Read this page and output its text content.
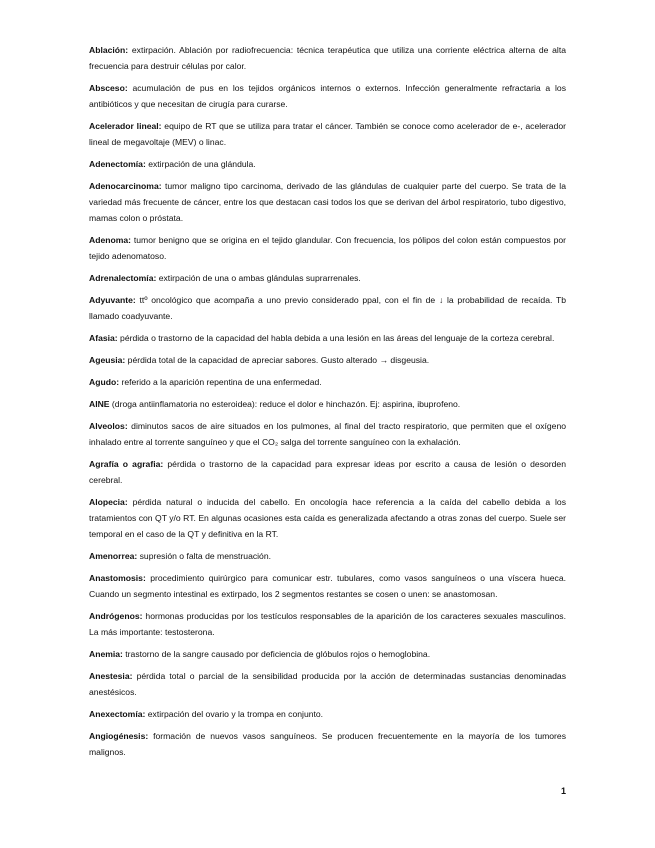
Ablación: extirpación. Ablación por radiofrecuencia: técnica terapéutica que utiliza una corriente eléctrica alterna de alta frecuencia para destruir células por calor.

Absceso: acumulación de pus en los tejidos orgánicos internos o externos. Infección generalmente refractaria a los antibióticos y que necesitan de cirugía para curarse.

Acelerador lineal: equipo de RT que se utiliza para tratar el cáncer. También se conoce como acelerador de e-, acelerador lineal de megavoltaje (MEV) o linac.

Adenectomía: extirpación de una glándula.

Adenocarcinoma: tumor maligno tipo carcinoma, derivado de las glándulas de cualquier parte del cuerpo. Se trata de la variedad más frecuente de cáncer, entre los que destacan casi todos los que se derivan del árbol respiratorio, tubo digestivo, mamas colon o próstata.

Adenoma: tumor benigno que se origina en el tejido glandular. Con frecuencia, los pólipos del colon están compuestos por tejido adenomatoso.

Adrenalectomía: extirpación de una o ambas glándulas suprarrenales.

Adyuvante: ttº oncológico que acompaña a uno previo considerado ppal, con el fin de ↓ la probabilidad de recaída. Tb llamado coadyuvante.

Afasia: pérdida o trastorno de la capacidad del habla debida a una lesión en las áreas del lenguaje de la corteza cerebral.

Ageusia: pérdida total de la capacidad de apreciar sabores. Gusto alterado → disgeusia.

Agudo: referido a la aparición repentina de una enfermedad.

AINE (droga antiinflamatoria no esteroidea): reduce el dolor e hinchazón. Ej: aspirina, ibuprofeno.

Alveolos: diminutos sacos de aire situados en los pulmones, al final del tracto respiratorio, que permiten que el oxígeno inhalado entre al torrente sanguíneo y que el CO₂ salga del torrente sanguíneo con la exhalación.

Agrafía o agrafia: pérdida o trastorno de la capacidad para expresar ideas por escrito a causa de lesión o desorden cerebral.

Alopecia: pérdida natural o inducida del cabello. En oncología hace referencia a la caída del cabello debida a los tratamientos con QT y/o RT. En algunas ocasiones esta caída es generalizada afectando a otras zonas del cuerpo. Suele ser temporal en el caso de la QT y definitiva en la RT.

Amenorrea: supresión o falta de menstruación.

Anastomosis: procedimiento quirúrgico para comunicar estr. tubulares, como vasos sanguíneos o una víscera hueca. Cuando un segmento intestinal es extirpado, los 2 segmentos restantes se cosen o unen: se anastomosan.

Andrógenos: hormonas producidas por los testículos responsables de la aparición de los caracteres sexuales masculinos. La más importante: testosterona.

Anemia: trastorno de la sangre causado por deficiencia de glóbulos rojos o hemoglobina.

Anestesia: pérdida total o parcial de la sensibilidad producida por la acción de determinadas sustancias denominadas anestésicos.

Anexectomía: extirpación del ovario y la trompa en conjunto.

Angiogénesis: formación de nuevos vasos sanguíneos. Se producen frecuentemente en la mayoría de los tumores malignos.

1
